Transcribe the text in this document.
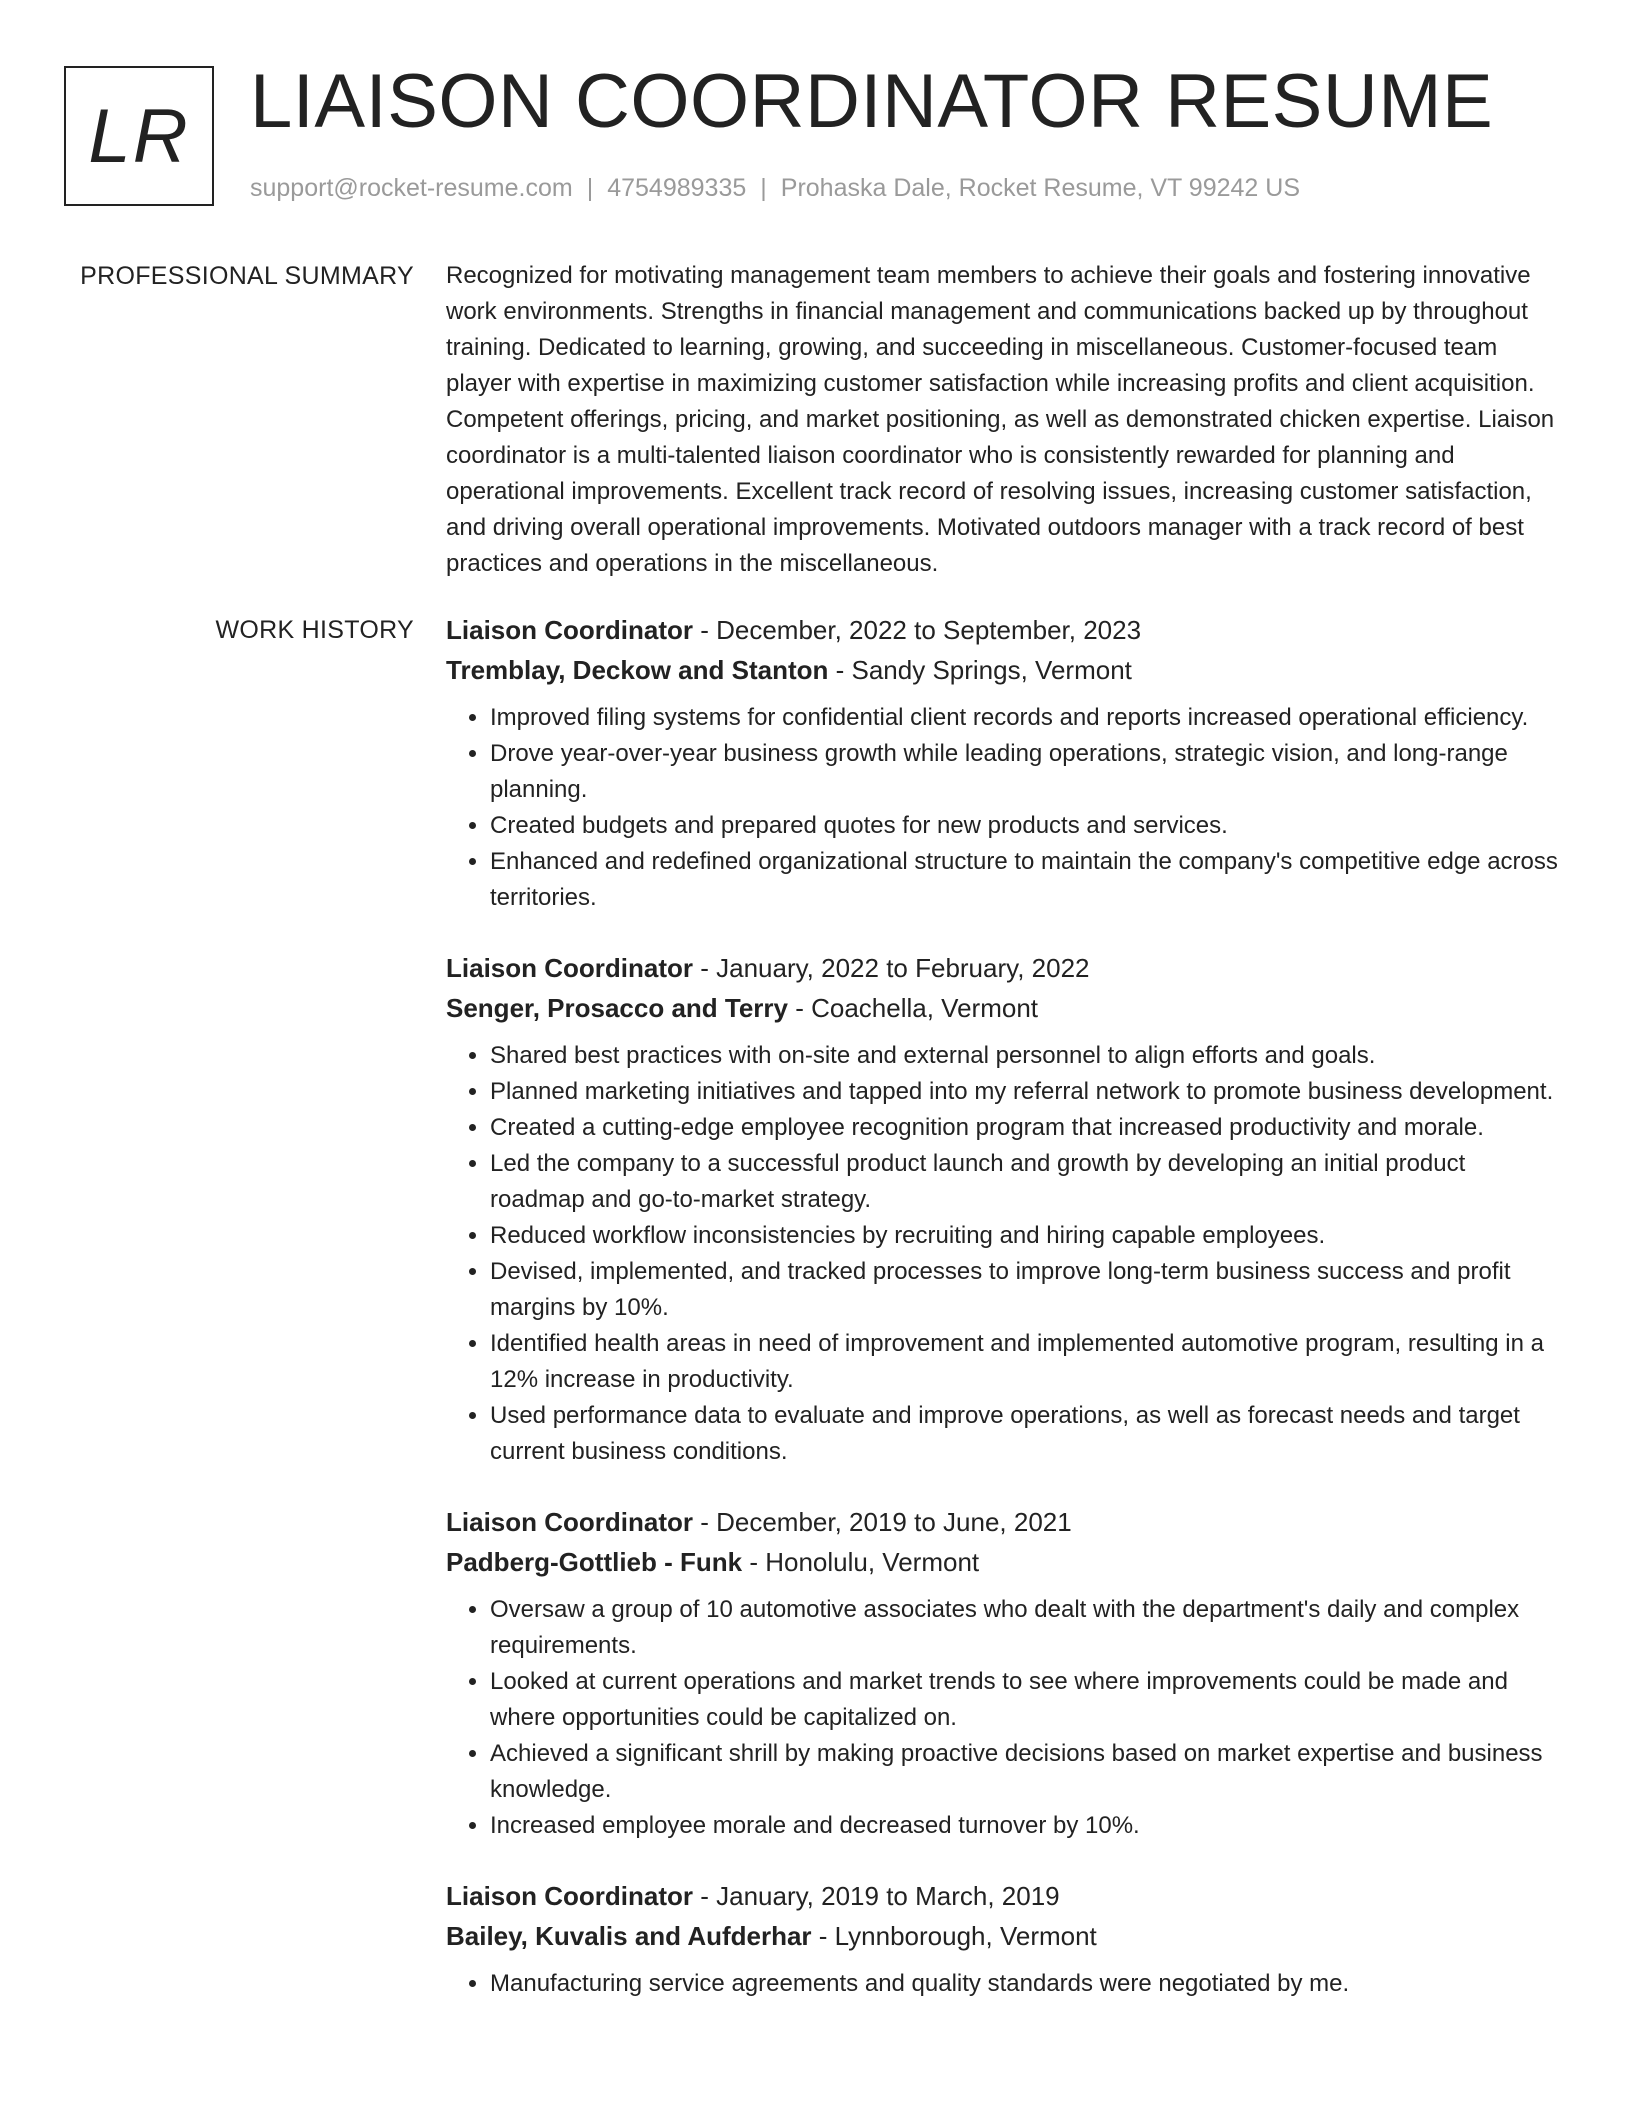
LR LIAISON COORDINATOR RESUME
support@rocket-resume.com | 4754989335 | Prohaska Dale, Rocket Resume, VT 99242 US
PROFESSIONAL SUMMARY Recognized for motivating management team members to achieve their goals and fostering innovative work environments. Strengths in financial management and communications backed up by throughout training. Dedicated to learning, growing, and succeeding in miscellaneous. Customer-focused team player with expertise in maximizing customer satisfaction while increasing profits and client acquisition. Competent offerings, pricing, and market positioning, as well as demonstrated chicken expertise. Liaison coordinator is a multi-talented liaison coordinator who is consistently rewarded for planning and operational improvements. Excellent track record of resolving issues, increasing customer satisfaction, and driving overall operational improvements. Motivated outdoors manager with a track record of best practices and operations in the miscellaneous.

WORK HISTORY Liaison Coordinator - December, 2022 to September, 2023
Tremblay, Deckow and Stanton - Sandy Springs, Vermont
• Improved filing systems for confidential client records and reports increased operational efficiency.
• Drove year-over-year business growth while leading operations, strategic vision, and long-range planning.
• Created budgets and prepared quotes for new products and services.
• Enhanced and redefined organizational structure to maintain the company's competitive edge across territories.
Liaison Coordinator - January, 2022 to February, 2022
Senger, Prosacco and Terry - Coachella, Vermont
• Shared best practices with on-site and external personnel to align efforts and goals.
• Planned marketing initiatives and tapped into my referral network to promote business development.
• Created a cutting-edge employee recognition program that increased productivity and morale.
• Led the company to a successful product launch and growth by developing an initial product roadmap and go-to-market strategy.
• Reduced workflow inconsistencies by recruiting and hiring capable employees.
• Devised, implemented, and tracked processes to improve long-term business success and profit margins by 10%.
• Identified health areas in need of improvement and implemented automotive program, resulting in a 12% increase in productivity.
• Used performance data to evaluate and improve operations, as well as forecast needs and target current business conditions.
Liaison Coordinator - December, 2019 to June, 2021
Padberg-Gottlieb - Funk - Honolulu, Vermont
• Oversaw a group of 10 automotive associates who dealt with the department's daily and complex requirements.
• Looked at current operations and market trends to see where improvements could be made and where opportunities could be capitalized on.
• Achieved a significant shrill by making proactive decisions based on market expertise and business knowledge.
• Increased employee morale and decreased turnover by 10%.
Liaison Coordinator - January, 2019 to March, 2019
Bailey, Kuvalis and Aufderhar - Lynnborough, Vermont
• Manufacturing service agreements and quality standards were negotiated by me.
